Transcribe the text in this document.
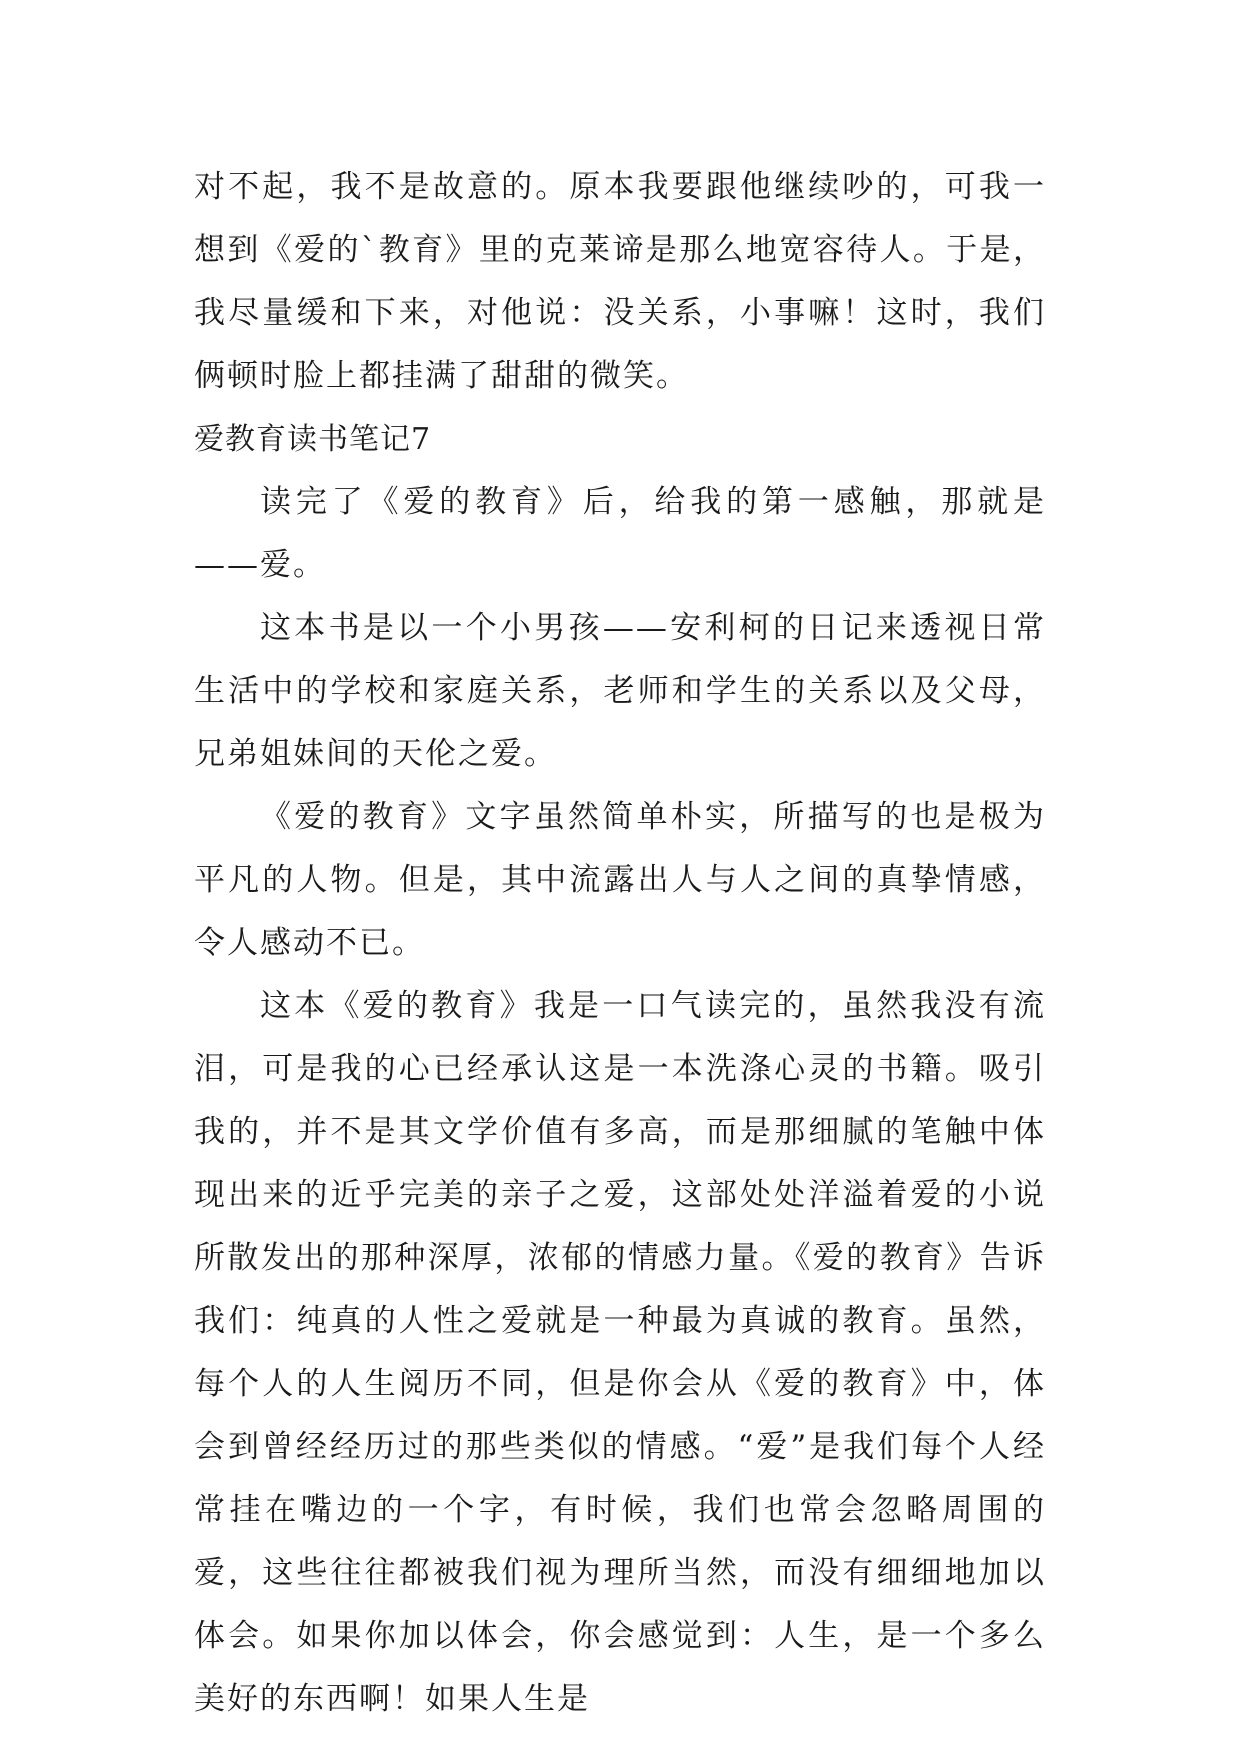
对不起，我不是故意的。原本我要跟他继续吵的，可我一想到《爱的`教育》里的克莱谛是那么地宽容待人。于是，我尽量缓和下来，对他说：没关系，小事嘛！这时，我们俩顿时脸上都挂满了甜甜的微笑。

爱教育读书笔记7

读完了《爱的教育》后，给我的第一感触，那就是——爱。

这本书是以一个小男孩——安利柯的日记来透视日常生活中的学校和家庭关系，老师和学生的关系以及父母，兄弟姐妹间的天伦之爱。

《爱的教育》文字虽然简单朴实，所描写的也是极为平凡的人物。但是，其中流露出人与人之间的真挚情感，令人感动不已。

这本《爱的教育》我是一口气读完的，虽然我没有流泪，可是我的心已经承认这是一本洗涤心灵的书籍。吸引我的，并不是其文学价值有多高，而是那细腻的笔触中体现出来的近乎完美的亲子之爱，这部处处洋溢着爱的小说所散发出的那种深厚，浓郁的情感力量。《爱的教育》告诉我们：纯真的人性之爱就是一种最为真诚的教育。虽然，每个人的人生阅历不同，但是你会从《爱的教育》中，体会到曾经经历过的那些类似的情感。“爱”是我们每个人经常挂在嘴边的一个字，有时候，我们也常会忽略周围的爱，这些往往都被我们视为理所当然，而没有细细地加以体会。如果你加以体会，你会感觉到：人生，是一个多么美好的东西啊！如果人生是
